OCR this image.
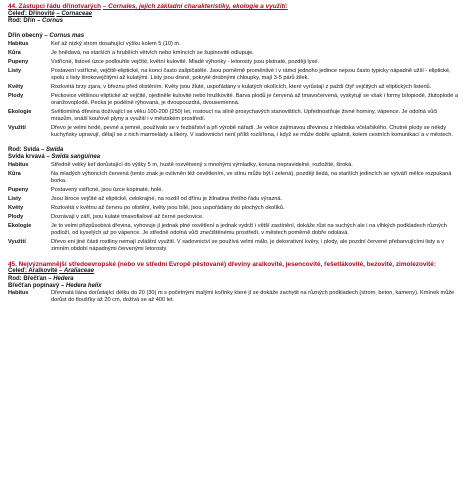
44. Zástupci řádu dřínotvarých – Cornales, jejich základní charakteristiky, ekologie a využití:
Čeleď: Dřínovité – Cornaceae
Rod: Dřín – Cornus
Dřín obecný – Cornus mas
Habitus	Keř až nízký strom dosahující výšku kolem 5 (10) m.
Kůra	Je hnědavá, na starších a hrubších větvích nebo kmíncích se šupinovitě odlupuje.
Pupeny	Vstřícné, listové úzce podlouhle vejčité, květní kulovité. Mladé výhonky - letorosty jsou plstnaté, později lysé.
Listy	Postavení vstřícné, vejčitě-eliptické, na konci často zašpičatělé. Jsou poměrně proměnlivé i v rámci jednoho jedince nejsou často typicky nápadně užší - eliptické, spolu s listy širokovejčitými až kulatými. Listy jsou drsné, pokryté drobnými chloupky, mají 3-5 párů žilek.
Květy	Rozkvétá brzy zjara, v březnu před olistěním. Květy jsou žluté, uspořádány v kulatých okolících, které vyrůstají z paždí čtyř vejčitých až eliptických listenů.
Plody	Peckovice většinou eliptické až vejčité, ojediněle kulovité nebo hruškovité. Barva plodů je červená až tmavočervená, vyskytují se však i formy bílopiodé, žlutoplodé a oranžovoplodé. Pecka je podélně rýhovaná, je dvoupouzdrá, dvousemenná.
Ekologie	Světlomilná dřevina dožívající se věku 100-200 (250) let, rostoucí na silně prosychavých stanovištích. Upřednostňuje živné horniny, vápence. Je odolná vůči mrazům, snáší kouřové plyny a využití i v městském prostředí.
Využití	Dřevo je velmi tvrdé, pevné a jemné, používalo se v řezbářství a při výrobě nářadí. Je velice zajímavou dřevinou z hlediska včelařského. Chutné plody se nékdy kuchyňsky upravují, dělají se z nich marmelády a likéry. V sadovnictví není příliš rozšířena, i když se může dobře uplatnit, kolem cestních komunikací a v městech.
Rod: Svída – Swida
Svída krvavá – Swida sanguinea
Habitus	Středně veliký keř dorůstající do výšky 5 m, hustě rozvětvený s mnohými výmladky, koruna nepravidelné, rozložité, široká.
Kůra	Na mladých výhoncích červená (tento znak je ovlivněn též osvětlením, ve stínu může být i zelená), později šedá, na starších jedincích se vytváří mělce rozpukaná borka.
Pupeny	Postavený vstřícné, jsou úzce kopinaté, holé.
Listy	Jsou široce vejčité až eliptické, celokrajné, na rozdíl od dřínu je žilnatina třetího řádu výrazná.
Květy	Rozkvétá v květnu až červnu po olistění, květy jsou bílé, jsou uspořádány do plochých okolíků.
Plody	Dozrávají v září, jsou kulaté tmavofialové až černé peckovice.
Ekologie	Je to velmi přizpůsobivá dřevina, vyhovuje jí jednak plné osvětlení a jednak vydrží i větší zastínění, dokáže růst na suchých ale i na vlhkých podkladech různých podloží, od kyselých až po vápence. Je středně odolná vůči znečištěnému prostředí, v městech poměrně dobře odolává.
Využití	Dřevo eni jiné části rostliny nemají zvláštní využití. V sadovnictví se používá velmi málo, je dekorativní kvěry, i plody, ale pozdní červené přebarvujícími listy a v zimním období nápadnými červenými letorosty.
45. Nejvýznamnější středoevropské (nebo ve střední Evropě pěstované) dřeviny aralkovité, jesencovité, řešetlákovité, bezovité, zimolezovité:
Čeleď: Aralkovité – Araliaceae
Rod: Břečťan – Hedera
Břečťan popínavý – Hedera helix
Habitus	Dřevnatá liána dorůstající délku do 20 (30) m s početnými malými kořínky které jí se dokáže zachytit na různých podkladech (strom, beton, kameny). Kmínek může dorůst do tloušťky až 20 cm, dožívá se až 400 let.
